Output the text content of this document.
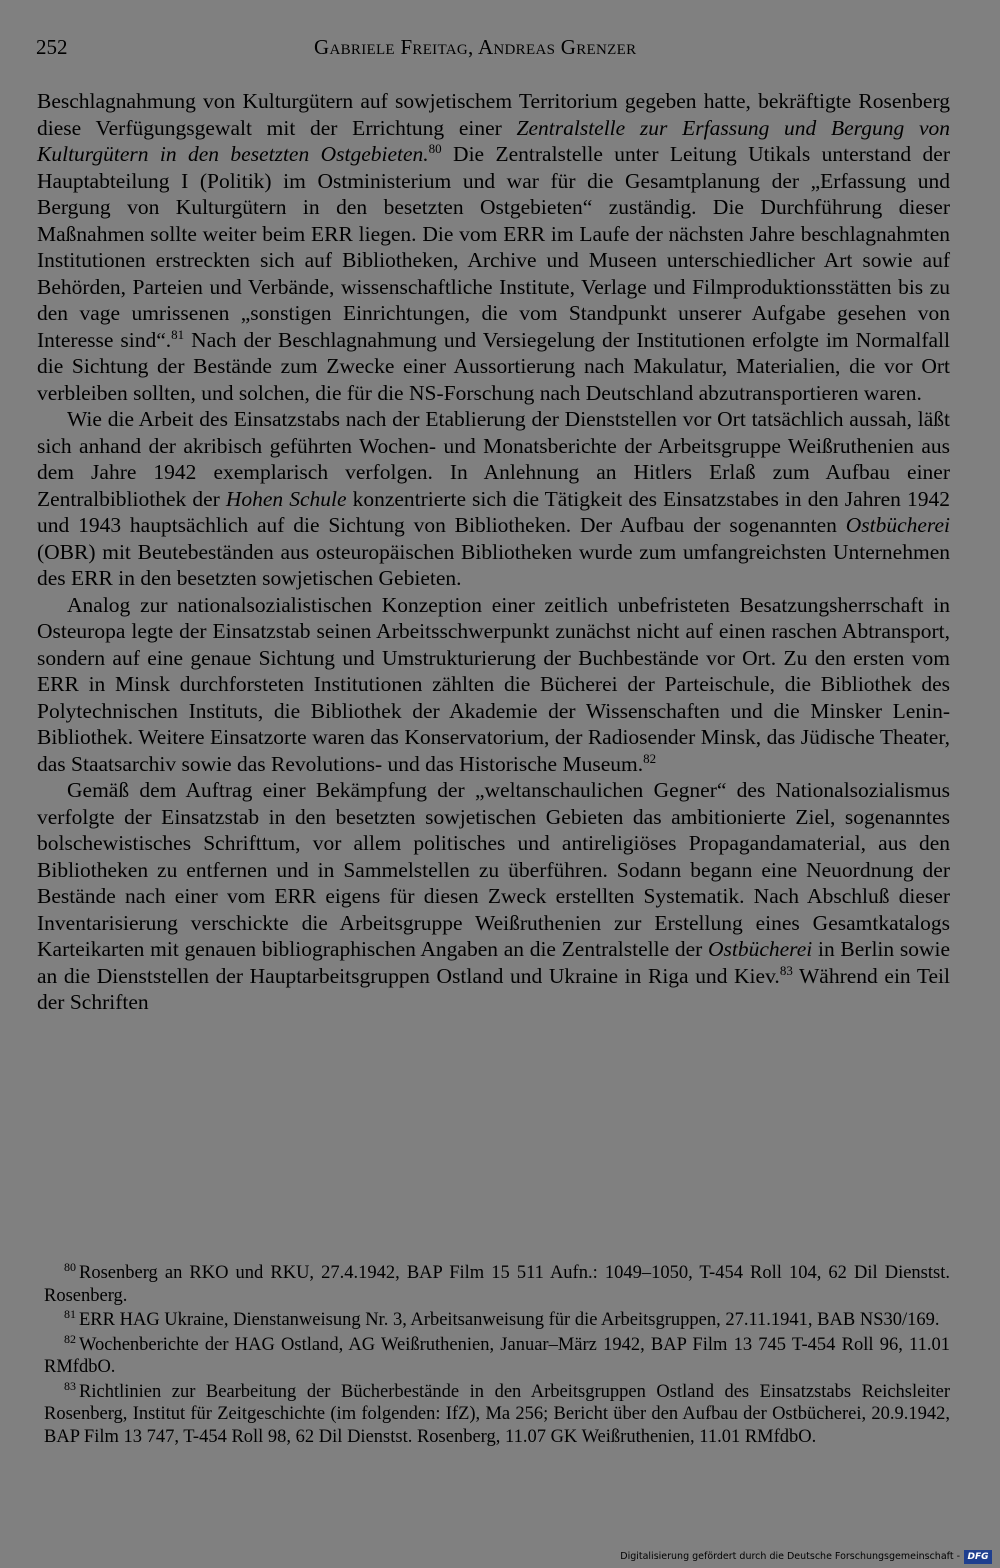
252	Gabriele Freitag, Andreas Grenzer

Beschlagnahmung von Kulturgütern auf sowjetischem Territorium gegeben hatte, bekräftigte Rosenberg diese Verfügungsgewalt mit der Errichtung einer Zentralstelle zur Erfassung und Bergung von Kulturgütern in den besetzten Ostgebieten.$^{80}$ Die Zentralstelle unter Leitung Utikals unterstand der Hauptabteilung I (Politik) im Ostministerium und war für die Gesamtplanung der „Erfassung und Bergung von Kulturgütern in den besetzten Ostgebieten“ zuständig. Die Durchführung dieser Maßnahmen sollte weiter beim ERR liegen. Die vom ERR im Laufe der nächsten Jahre beschlagnahmten Institutionen erstreckten sich auf Bibliotheken, Archive und Museen unterschiedlicher Art sowie auf Behörden, Parteien und Verbände, wissenschaftliche Institute, Verlage und Filmproduktionsstätten bis zu den vage umrissenen „sonstigen Einrichtungen, die vom Standpunkt unserer Aufgabe gesehen von Interesse sind“.$^{81}$ Nach der Beschlagnahmung und Versiegelung der Institutionen erfolgte im Normalfall die Sichtung der Bestände zum Zwecke einer Aussortierung nach Makulatur, Materialien, die vor Ort verbleiben sollten, und solchen, die für die NS-Forschung nach Deutschland abzutransportieren waren.

Wie die Arbeit des Einsatzstabs nach der Etablierung der Dienststellen vor Ort tatsächlich aussah, läßt sich anhand der akribisch geführten Wochen- und Monatsberichte der Arbeitsgruppe Weißruthenien aus dem Jahre 1942 exemplarisch verfolgen. In Anlehnung an Hitlers Erlaß zum Aufbau einer Zentralbibliothek der Hohen Schule konzentrierte sich die Tätigkeit des Einsatzstabes in den Jahren 1942 und 1943 hauptsächlich auf die Sichtung von Bibliotheken. Der Aufbau der sogenannten Ostbücherei (OBR) mit Beutebeständen aus osteuropäischen Bibliotheken wurde zum umfangreichsten Unternehmen des ERR in den besetzten sowjetischen Gebieten.

Analog zur nationalsozialistischen Konzeption einer zeitlich unbefristeten Besatzungsherrschaft in Osteuropa legte der Einsatzstab seinen Arbeitsschwerpunkt zunächst nicht auf einen raschen Abtransport, sondern auf eine genaue Sichtung und Umstrukturierung der Buchbestände vor Ort. Zu den ersten vom ERR in Minsk durchforsteten Institutionen zählten die Bücherei der Parteischule, die Bibliothek des Polytechnischen Instituts, die Bibliothek der Akademie der Wissenschaften und die Minsker Lenin-Bibliothek. Weitere Einsatzorte waren das Konservatorium, der Radiosender Minsk, das Jüdische Theater, das Staatsarchiv sowie das Revolutions- und das Historische Museum.$^{82}$

Gemäß dem Auftrag einer Bekämpfung der „weltanschaulichen Gegner“ des Nationalsozialismus verfolgte der Einsatzstab in den besetzten sowjetischen Gebieten das ambitionierte Ziel, sogenanntes bolschewistisches Schrifttum, vor allem politisches und antireligiöses Propagandamaterial, aus den Bibliotheken zu entfernen und in Sammelstellen zu überführen. Sodann begann eine Neuordnung der Bestände nach einer vom ERR eigens für diesen Zweck erstellten Systematik. Nach Abschluß dieser Inventarisierung verschickte die Arbeitsgruppe Weißruthenien zur Erstellung eines Gesamtkatalogs Karteikarten mit genauen bibliographischen Angaben an die Zentralstelle der Ostbücherei in Berlin sowie an die Dienststellen der Hauptarbeitsgruppen Ostland und Ukraine in Riga und Kiev.$^{83}$ Während ein Teil der Schriften

$^{80}$ Rosenberg an RKO und RKU, 27.4.1942, BAP Film 15 511 Aufn.: 1049–1050, T-454 Roll 104, 62 Dil Dienstst. Rosenberg.

$^{81}$ ERR HAG Ukraine, Dienstanweisung Nr. 3, Arbeitsanweisung für die Arbeitsgruppen, 27.11.1941, BAB NS30/169.

$^{82}$ Wochenberichte der HAG Ostland, AG Weißruthenien, Januar–März 1942, BAP Film 13 745 T-454 Roll 96, 11.01 RMfdbO.

$^{83}$ Richtlinien zur Bearbeitung der Bücherbestände in den Arbeitsgruppen Ostland des Einsatzstabs Reichsleiter Rosenberg, Institut für Zeitgeschichte (im folgenden: IfZ), Ma 256; Bericht über den Aufbau der Ostbücherei, 20.9.1942, BAP Film 13 747, T-454 Roll 98, 62 Dil Dienstst. Rosenberg, 11.07 GK Weißruthenien, 11.01 RMfdbO.

Digitalisierung gefördert durch die Deutsche Forschungsgemeinschaft - DFG
